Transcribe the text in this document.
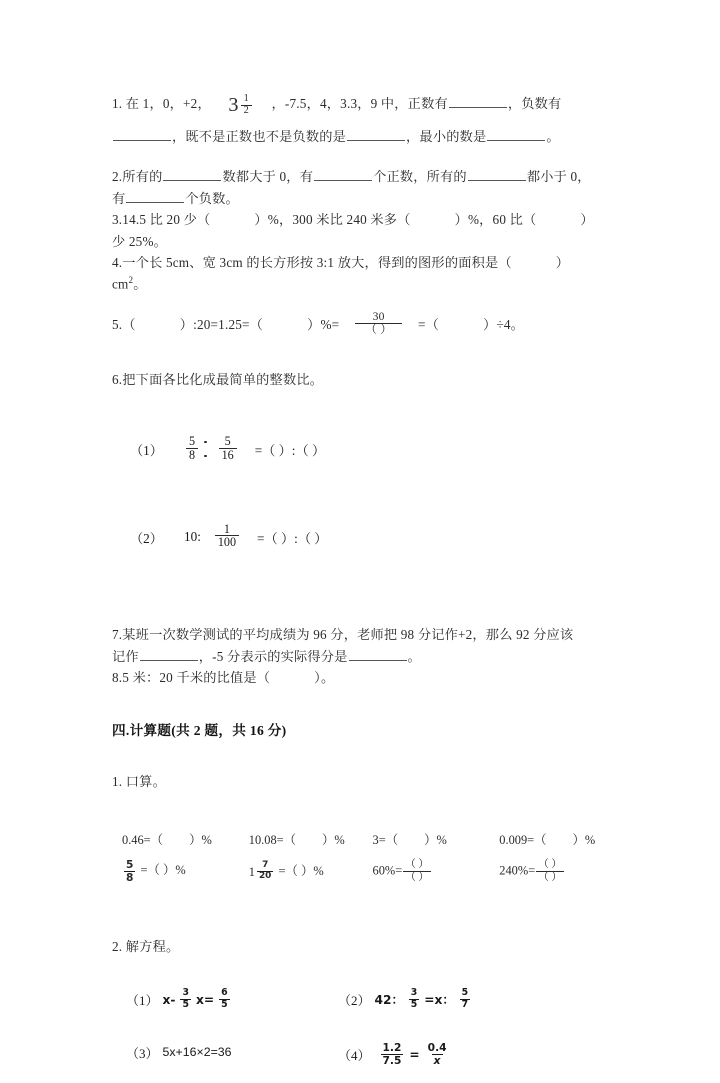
1. 在 1，0，+2， $3 \frac{1}{2}$ ，-7.5，4，3.3，9 中，正数有	，负数有
，既不是正数也不是负数的是	，最小的数是	。
2.所有的	数都大于 0，有	个正数，所有的	都小于 0，
有	个负数。
3.14.5 比 20 少（	）%，300 米比 240 米多（	）%，60 比（	）
少 25%。
4.一个长 5cm、宽 3cm 的长方形按 3:1 放大，得到的图形的面积是（	）
$cm^2$。
5. （	）:20=1.25=（	）%= $\frac{30}{( )}$ =（	）÷4。
6.把下面各比化成最简单的整数比。
（1）	$\frac{5}{8} \frac{5}{16}$ =（ ）:（ ）
（2）	10: $\frac{1}{100}$ =（ ）:（ ）
7.某班一次数学测试的平均成绩为 96 分，老师把 98 分记作+2，那么 92 分应该
记作	，-5 分表示的实际得分是	。
8.5 米：20 千米的比值是（	）。
四.计算题(共 2 题，共 16 分)
1. 口算。
0.46=（ ）%	10.08=（ ）%	3=（ ）%	0.009=（ ）%
$\frac{5}{8}$ =（ ）%	$1 \frac{7}{20}$ =（ ）%	$60\%= \frac{( )}{( )}$	$240\%= \frac{( )}{( )}$
2. 解方程。
（1） $x- \frac{3}{5} x= \frac{6}{5}$	（2） 42： $\frac{3}{5} =x$： $\frac{5}{7}$
（3） 5x+16×2=36	$(4) \frac{1.2}{7.5} = \frac{0.4}{x}$
